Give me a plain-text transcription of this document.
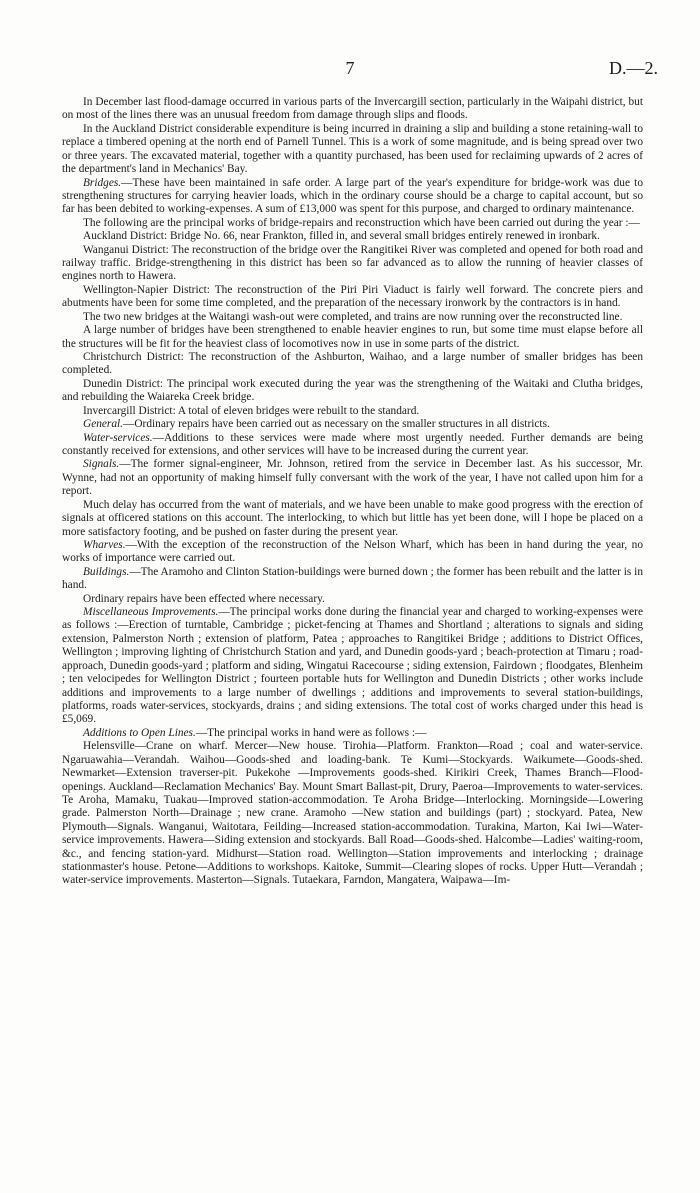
7	D.—2.

In December last flood-damage occurred in various parts of the Invercargill section, particularly in the Waipahi district, but on most of the lines there was an unusual freedom from damage through slips and floods.

In the Auckland District considerable expenditure is being incurred in draining a slip and building a stone retaining-wall to replace a timbered opening at the north end of Parnell Tunnel. This is a work of some magnitude, and is being spread over two or three years. The excavated material, together with a quantity purchased, has been used for reclaiming upwards of 2 acres of the department's land in Mechanics' Bay.

Bridges.—These have been maintained in safe order. A large part of the year's expenditure for bridge-work was due to strengthening structures for carrying heavier loads, which in the ordinary course should be a charge to capital account, but so far has been debited to working-expenses. A sum of £13,000 was spent for this purpose, and charged to ordinary maintenance.

The following are the principal works of bridge-repairs and reconstruction which have been carried out during the year :—

Auckland District: Bridge No. 66, near Frankton, filled in, and several small bridges entirely renewed in ironbark.

Wanganui District: The reconstruction of the bridge over the Rangitikei River was completed and opened for both road and railway traffic. Bridge-strengthening in this district has been so far advanced as to allow the running of heavier classes of engines north to Hawera.

Wellington-Napier District: The reconstruction of the Piri Piri Viaduct is fairly well forward. The concrete piers and abutments have been for some time completed, and the preparation of the necessary ironwork by the contractors is in hand.

The two new bridges at the Waitangi wash-out were completed, and trains are now running over the reconstructed line.

A large number of bridges have been strengthened to enable heavier engines to run, but some time must elapse before all the structures will be fit for the heaviest class of locomotives now in use in some parts of the district.

Christchurch District: The reconstruction of the Ashburton, Waihao, and a large number of smaller bridges has been completed.

Dunedin District: The principal work executed during the year was the strengthening of the Waitaki and Clutha bridges, and rebuilding the Waiareka Creek bridge.

Invercargill District: A total of eleven bridges were rebuilt to the standard.

General.—Ordinary repairs have been carried out as necessary on the smaller structures in all districts.

Water-services.—Additions to these services were made where most urgently needed. Further demands are being constantly received for extensions, and other services will have to be increased during the current year.

Signals.—The former signal-engineer, Mr. Johnson, retired from the service in December last. As his successor, Mr. Wynne, had not an opportunity of making himself fully conversant with the work of the year, I have not called upon him for a report.

Much delay has occurred from the want of materials, and we have been unable to make good progress with the erection of signals at officered stations on this account. The interlocking, to which but little has yet been done, will I hope be placed on a more satisfactory footing, and be pushed on faster during the present year.

Wharves.—With the exception of the reconstruction of the Nelson Wharf, which has been in hand during the year, no works of importance were carried out.

Buildings.—The Aramoho and Clinton Station-buildings were burned down ; the former has been rebuilt and the latter is in hand.

Ordinary repairs have been effected where necessary.

Miscellaneous Improvements.—The principal works done during the financial year and charged to working-expenses were as follows :—Erection of turntable, Cambridge ; picket-fencing at Thames and Shortland ; alterations to signals and siding extension, Palmerston North ; extension of platform, Patea ; approaches to Rangitikei Bridge ; additions to District Offices, Wellington ; improving lighting of Christchurch Station and yard, and Dunedin goods-yard ; beach-protection at Timaru ; road-approach, Dunedin goods-yard ; platform and siding, Wingatui Racecourse ; siding extension, Fairdown ; floodgates, Blenheim ; ten velocipedes for Wellington District ; fourteen portable huts for Wellington and Dunedin Districts ; other works include additions and improvements to a large number of dwellings ; additions and improvements to several station-buildings, platforms, roads water-services, stockyards, drains ; and siding extensions. The total cost of works charged under this head is £5,069.

Additions to Open Lines.—The principal works in hand were as follows :—

Helensville—Crane on wharf. Mercer—New house. Tirohia—Platform. Frankton—Road ; coal and water-service. Ngaruawahia—Verandah. Waihou—Goods-shed and loading-bank. Te Kumi—Stockyards. Waikumete—Goods-shed. Newmarket—Extension traverser-pit. Pukekohe —Improvements goods-shed. Kirikiri Creek, Thames Branch—Flood-openings. Auckland—Reclamation Mechanics' Bay. Mount Smart Ballast-pit, Drury, Paeroa—Improvements to water-services. Te Aroha, Mamaku, Tuakau—Improved station-accommodation. Te Aroha Bridge—Interlocking. Morningside—Lowering grade. Palmerston North—Drainage ; new crane. Aramoho —New station and buildings (part) ; stockyard. Patea, New Plymouth—Signals. Wanganui, Waitotara, Feilding—Increased station-accommodation. Turakina, Marton, Kai Iwi—Water-service improvements. Hawera—Siding extension and stockyards. Ball Road—Goods-shed. Halcombe—Ladies' waiting-room, &c., and fencing station-yard. Midhurst—Station road. Wellington—Station improvements and interlocking ; drainage stationmaster's house. Petone—Additions to workshops. Kaitoke, Summit—Clearing slopes of rocks. Upper Hutt—Verandah ; water-service improvements. Masterton—Signals. Tutaekara, Farndon, Mangatera, Waipawa—Im-
